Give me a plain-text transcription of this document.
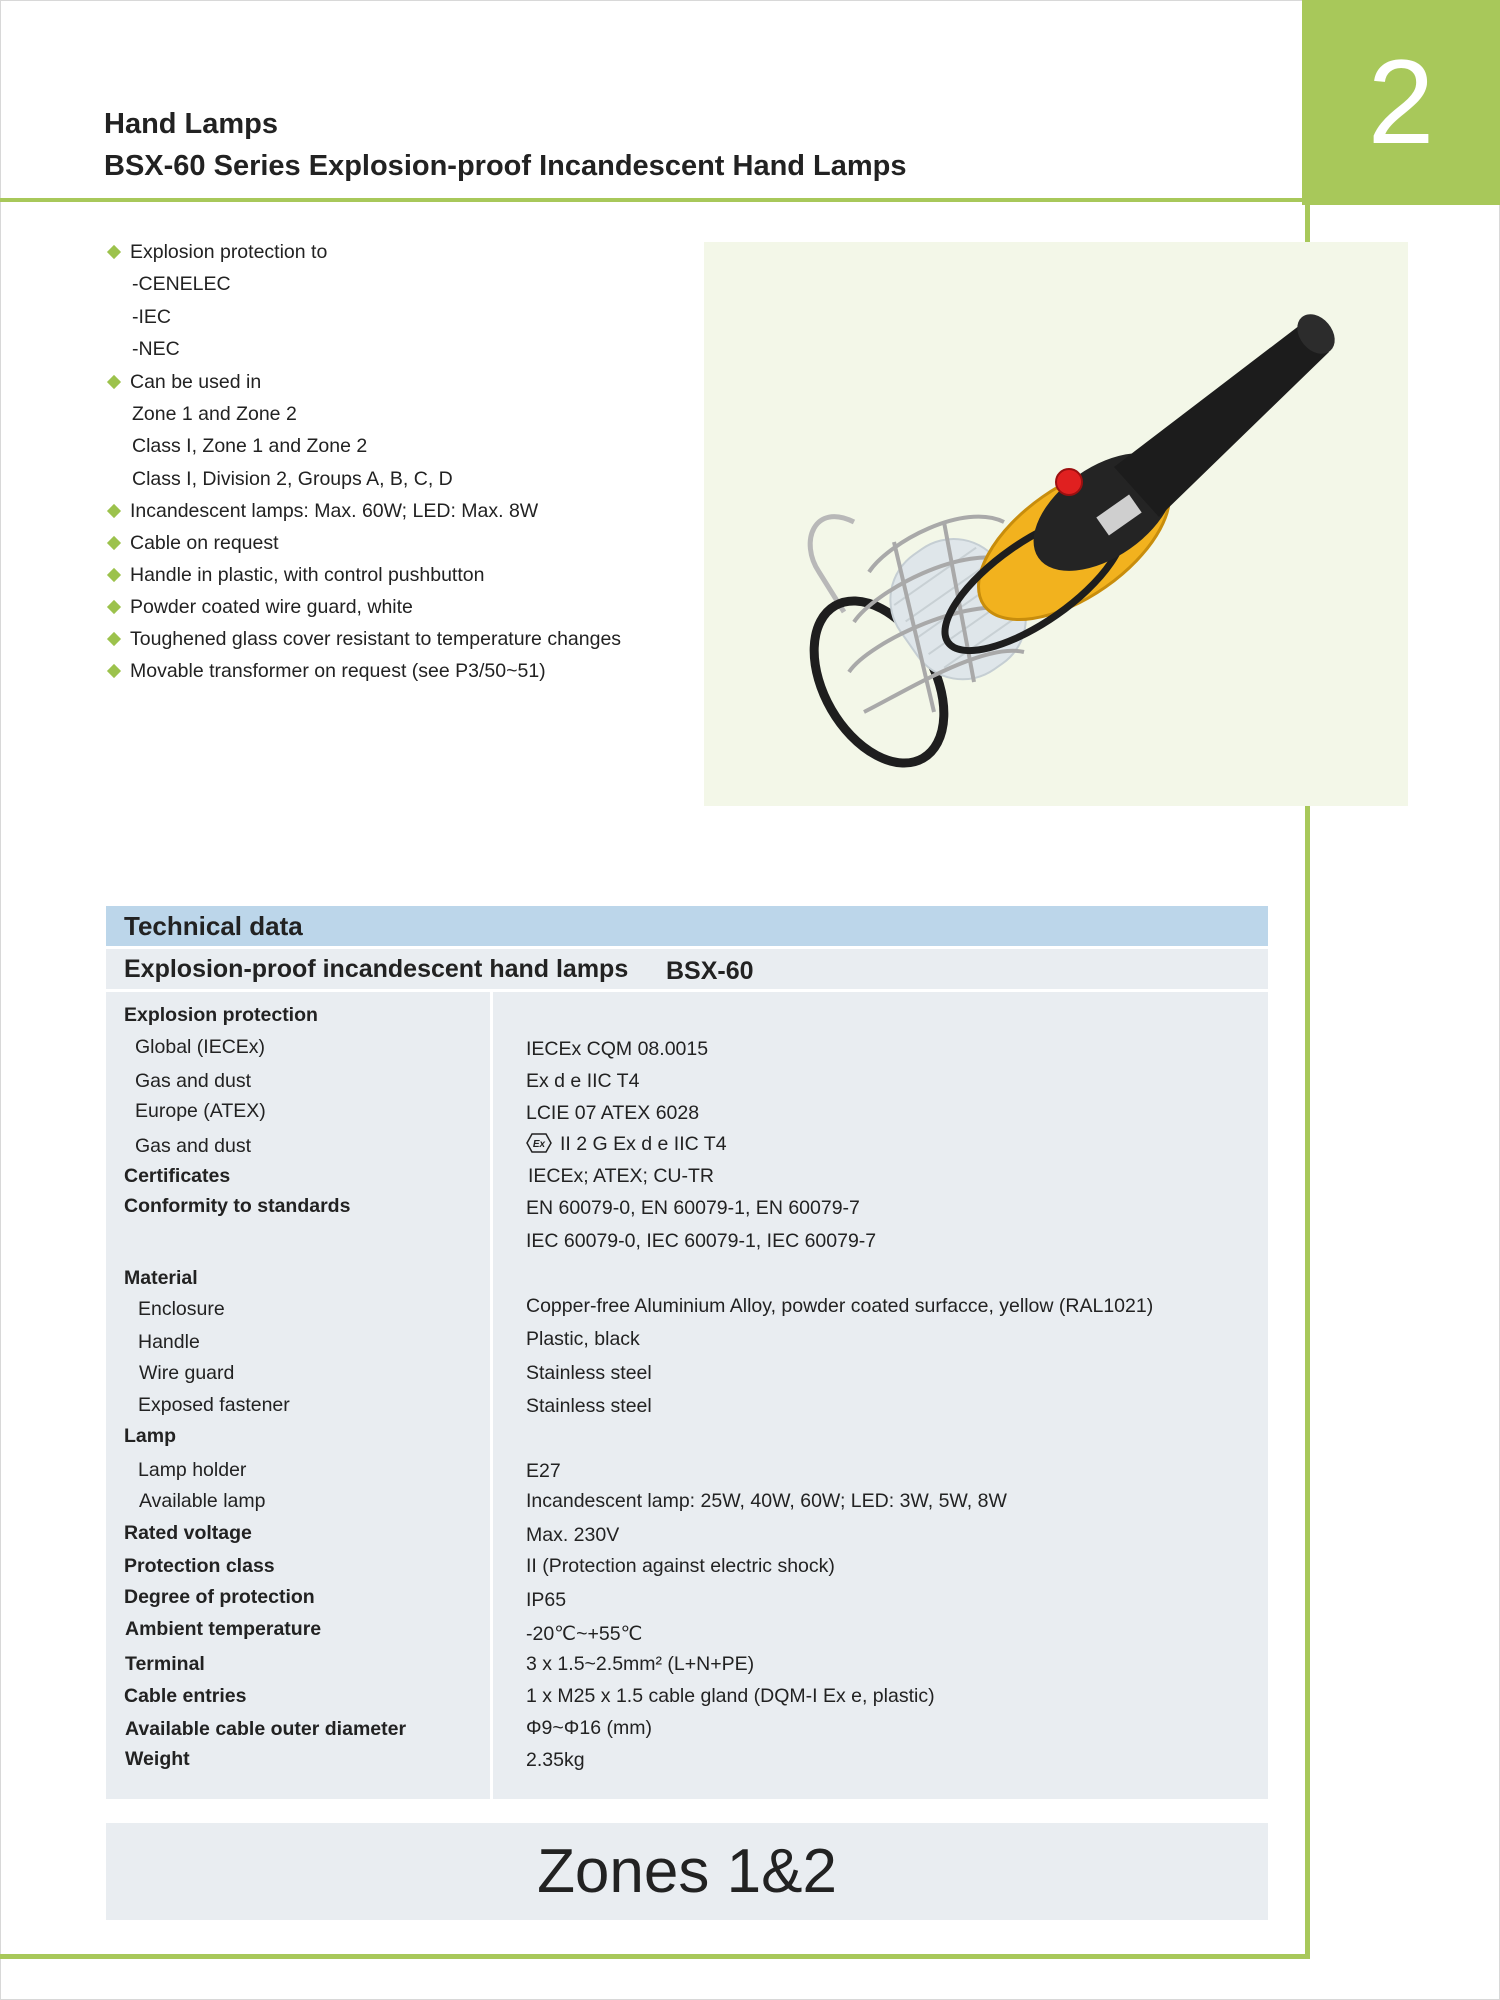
2
Hand Lamps
BSX-60 Series Explosion-proof Incandescent Hand Lamps
Explosion protection to
-CENELEC
-IEC
-NEC
Can be used in
Zone 1 and Zone 2
Class I, Zone 1 and Zone 2
Class I, Division 2, Groups A, B, C, D
Incandescent lamps: Max. 60W; LED: Max. 8W
Cable on request
Handle in plastic, with control pushbutton
Powder coated wire guard, white
Toughened glass cover resistant to temperature changes
Movable transformer on request (see P3/50~51)
Technical data
Explosion-proof incandescent hand lamps BSX-60
Explosion protection
Global (IECEx)
Gas and dust
Europe (ATEX)
Gas and dust
Certificates
Conformity to standards
Material
Enclosure
Handle
Wire guard
Exposed fastener
Lamp
Lamp holder
Available lamp
Rated voltage
Protection class
Degree of protection
Ambient temperature
Terminal
Cable entries
Available cable outer diameter
Weight
IECEx CQM 08.0015
Ex d e IIC T4
LCIE 07 ATEX 6028
Ex II 2 G Ex d e IIC T4
IECEx; ATEX; CU-TR
EN 60079-0, EN 60079-1, EN 60079-7
IEC 60079-0, IEC 60079-1, IEC 60079-7
Copper-free Aluminium Alloy, powder coated surfacce, yellow (RAL1021)
Plastic, black
Stainless steel
Stainless steel
E27
Incandescent lamp: 25W, 40W, 60W; LED: 3W, 5W, 8W
Max. 230V
II (Protection against electric shock)
IP65
-20℃~+55℃
3 x 1.5~2.5mm² (L+N+PE)
1 x M25 x 1.5 cable gland (DQM-I Ex e, plastic)
Φ9~Φ16 (mm)
2.35kg
Zones 1&2
